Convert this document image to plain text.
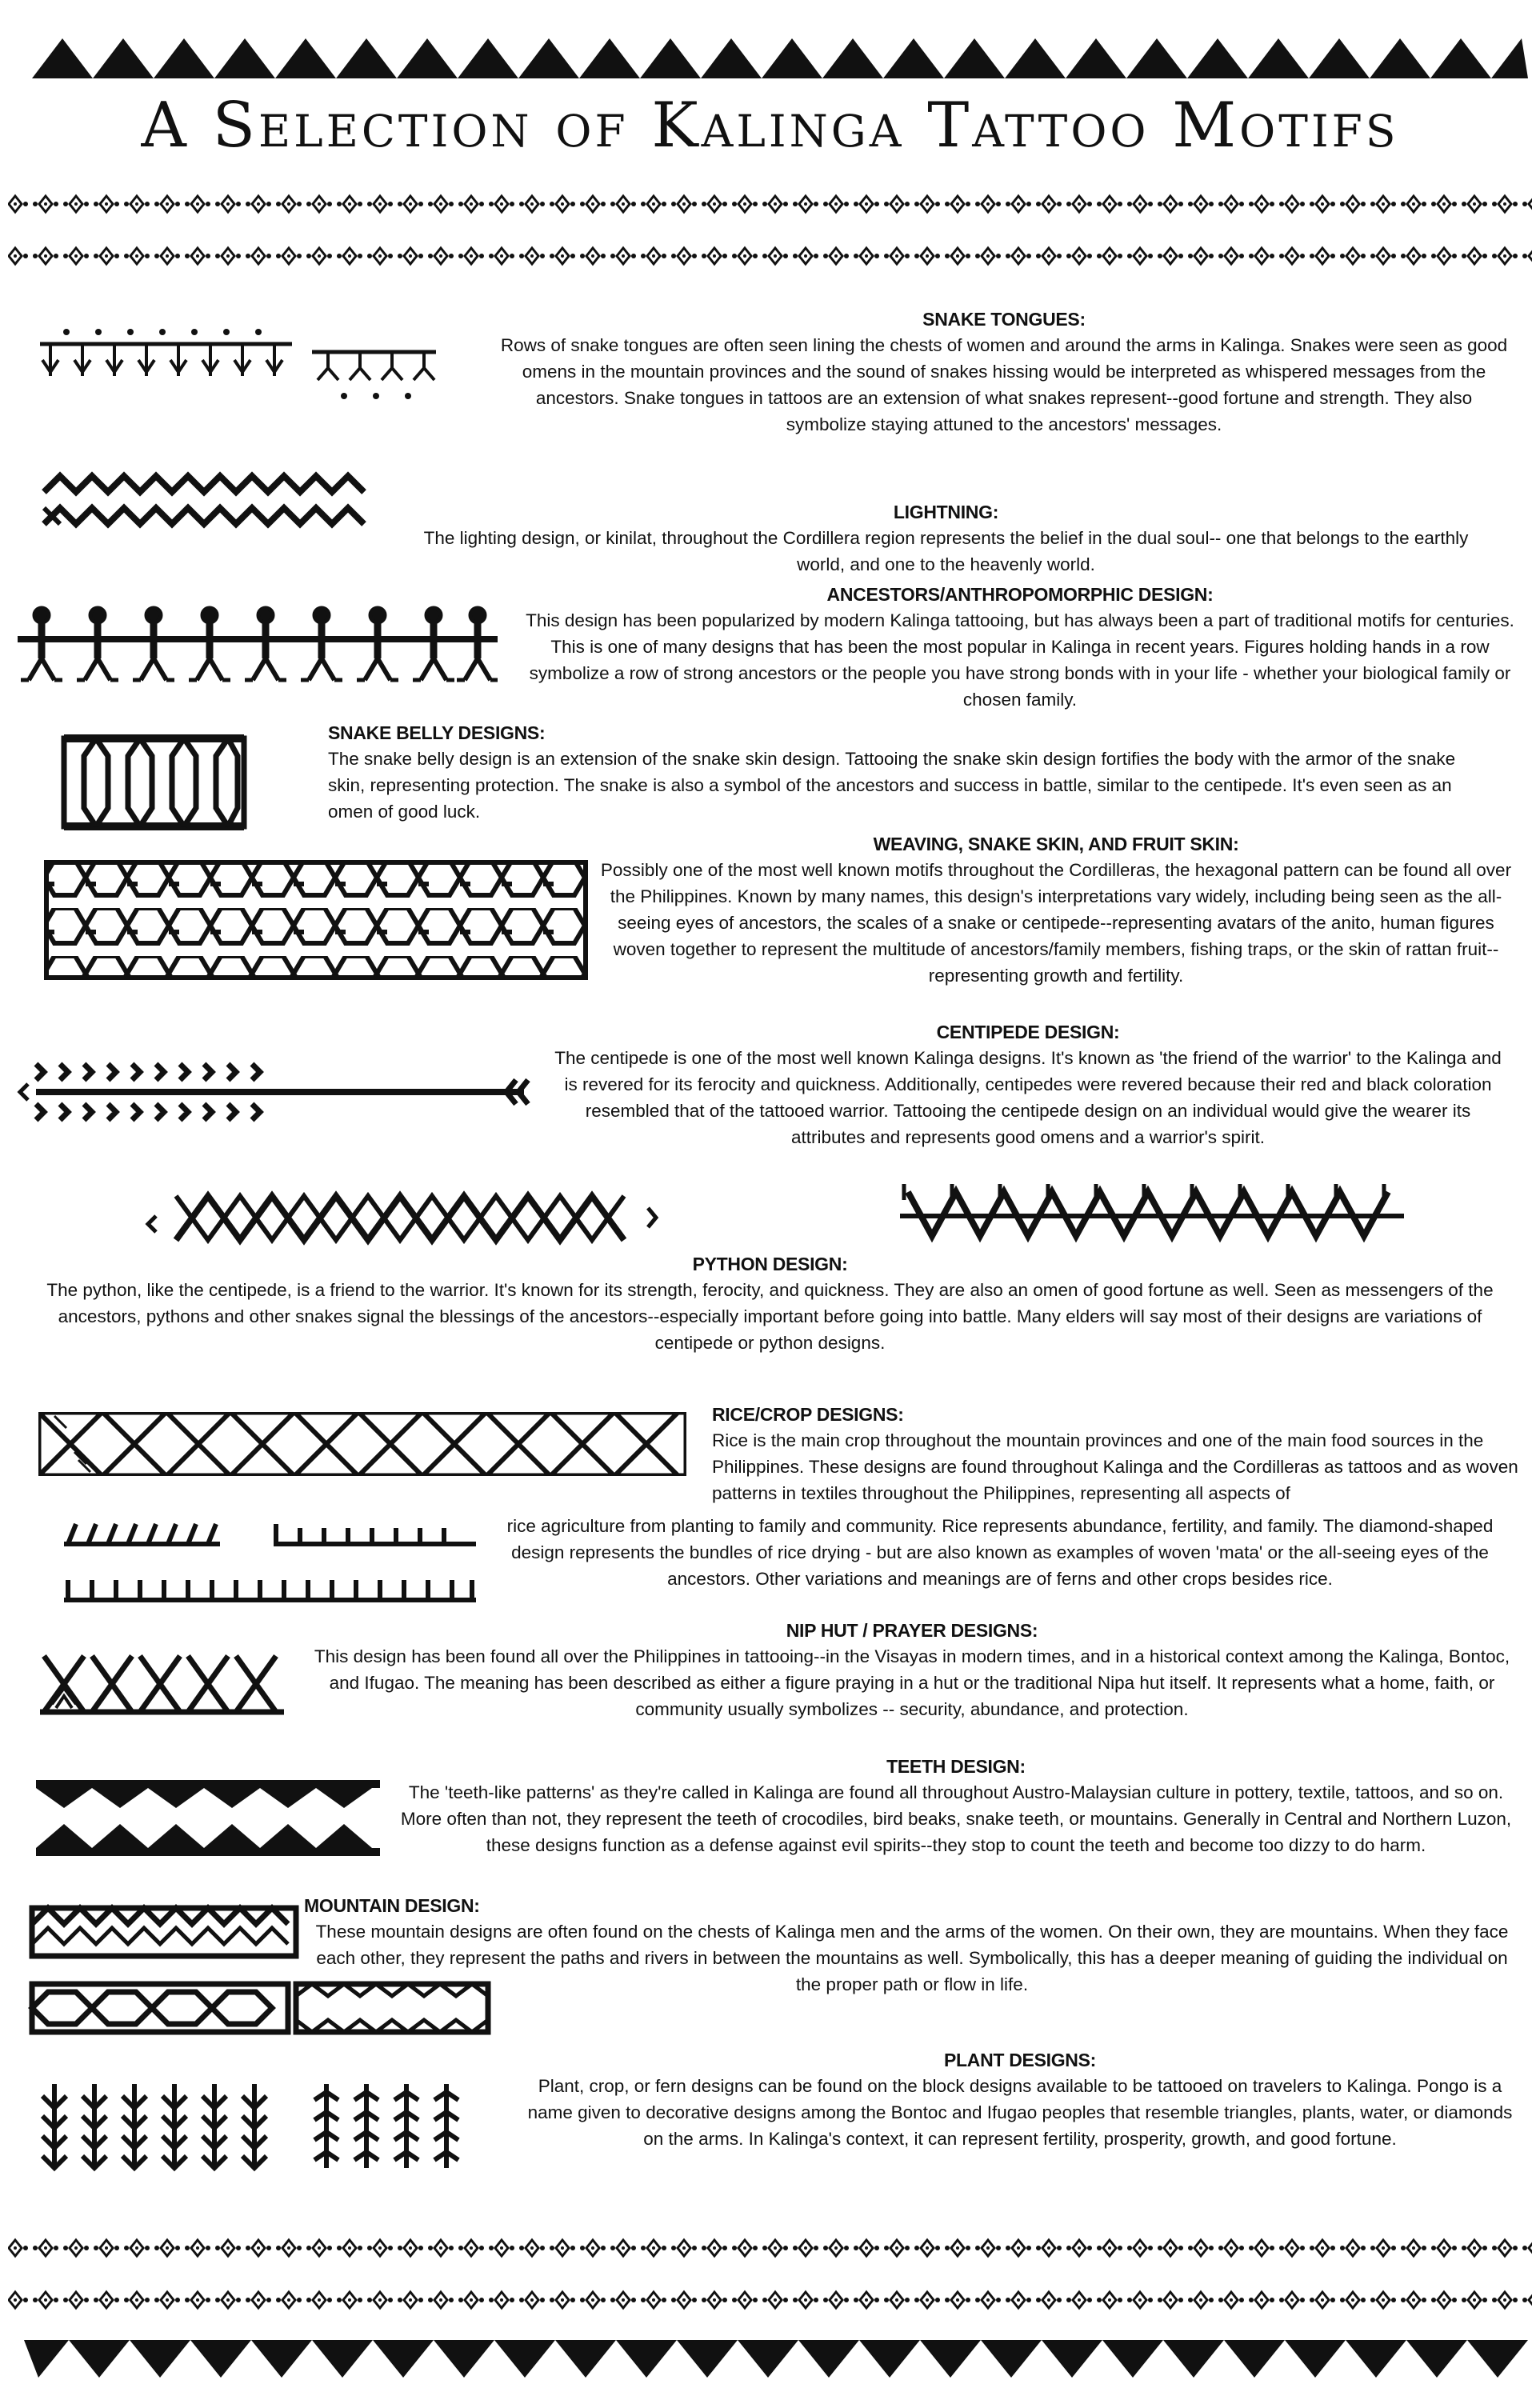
A Selection of Kalinga Tattoo Motifs
SNAKE TONGUES:

Rows of snake tongues are often seen lining the chests of women and around the arms in Kalinga. Snakes were seen as good omens in the mountain provinces and the sound of snakes hissing would be interpreted as whispered messages from the ancestors. Snake tongues in tattoos are an extension of what snakes represent--good fortune and strength. They also symbolize staying attuned to the ancestors' messages.

LIGHTNING:

The lighting design, or kinilat, throughout the Cordillera region represents the belief in the dual soul-- one that belongs to the earthly world, and one to the heavenly world.

ANCESTORS/ANTHROPOMORPHIC DESIGN:

This design has been popularized by modern Kalinga tattooing, but has always been a part of traditional motifs for centuries. This is one of many designs that has been the most popular in Kalinga in recent years. Figures holding hands in a row symbolize a row of strong ancestors or the people you have strong bonds with in your life - whether your biological family or chosen family.

SNAKE BELLY DESIGNS:

The snake belly design is an extension of the snake skin design. Tattooing the snake skin design fortifies the body with the armor of the snake skin, representing protection. The snake is also a symbol of the ancestors and success in battle, similar to the centipede. It's even seen as an omen of good luck.

WEAVING, SNAKE SKIN, AND FRUIT SKIN:

Possibly one of the most well known motifs throughout the Cordilleras, the hexagonal pattern can be found all over the Philippines. Known by many names, this design's interpretations vary widely, including being seen as the all-seeing eyes of ancestors, the scales of a snake or centipede--representing avatars of the anito, human figures woven together to represent the multitude of ancestors/family members, fishing traps, or the skin of rattan fruit--representing growth and fertility.

CENTIPEDE DESIGN:

The centipede is one of the most well known Kalinga designs. It's known as 'the friend of the warrior' to the Kalinga and is revered for its ferocity and quickness. Additionally, centipedes were revered because their red and black coloration resembled that of the tattooed warrior. Tattooing the centipede design on an individual would give the wearer its attributes and represents good omens and a warrior's spirit.

PYTHON DESIGN:

The python, like the centipede, is a friend to the warrior. It's known for its strength, ferocity, and quickness. They are also an omen of good fortune as well. Seen as messengers of the ancestors, pythons and other snakes signal the blessings of the ancestors--especially important before going into battle. Many elders will say most of their designs are variations of centipede or python designs.

RICE/CROP DESIGNS:

Rice is the main crop throughout the mountain provinces and one of the main food sources in the Philippines. These designs are found throughout Kalinga and the Cordilleras as tattoos and as woven patterns in textiles throughout the Philippines, representing all aspects of

rice agriculture from planting to family and community. Rice represents abundance, fertility, and family. The diamond-shaped design represents the bundles of rice drying - but are also known as examples of woven 'mata' or the all-seeing eyes of the ancestors. Other variations and meanings are of ferns and other crops besides rice.

NIP HUT / PRAYER DESIGNS:

This design has been found all over the Philippines in tattooing--in the Visayas in modern times, and in a historical context among the Kalinga, Bontoc, and Ifugao. The meaning has been described as either a figure praying in a hut or the traditional Nipa hut itself. It represents what a home, faith, or community usually symbolizes -- security, abundance, and protection.

TEETH DESIGN:

The 'teeth-like patterns' as they're called in Kalinga are found all throughout Austro-Malaysian culture in pottery, textile, tattoos, and so on. More often than not, they represent the teeth of crocodiles, bird beaks, snake teeth, or mountains. Generally in Central and Northern Luzon, these designs function as a defense against evil spirits--they stop to count the teeth and become too dizzy to do harm.

MOUNTAIN DESIGN:

These mountain designs are often found on the chests of Kalinga men and the arms of the women. On their own, they are mountains. When they face each other, they represent the paths and rivers in between the mountains as well. Symbolically, this has a deeper meaning of guiding the individual on the proper path or flow in life.

PLANT DESIGNS:

Plant, crop, or fern designs can be found on the block designs available to be tattooed on travelers to Kalinga. Pongo is a name given to decorative designs among the Bontoc and Ifugao peoples that resemble triangles, plants, water, or diamonds on the arms. In Kalinga's context, it can represent fertility, prosperity, growth, and good fortune.
